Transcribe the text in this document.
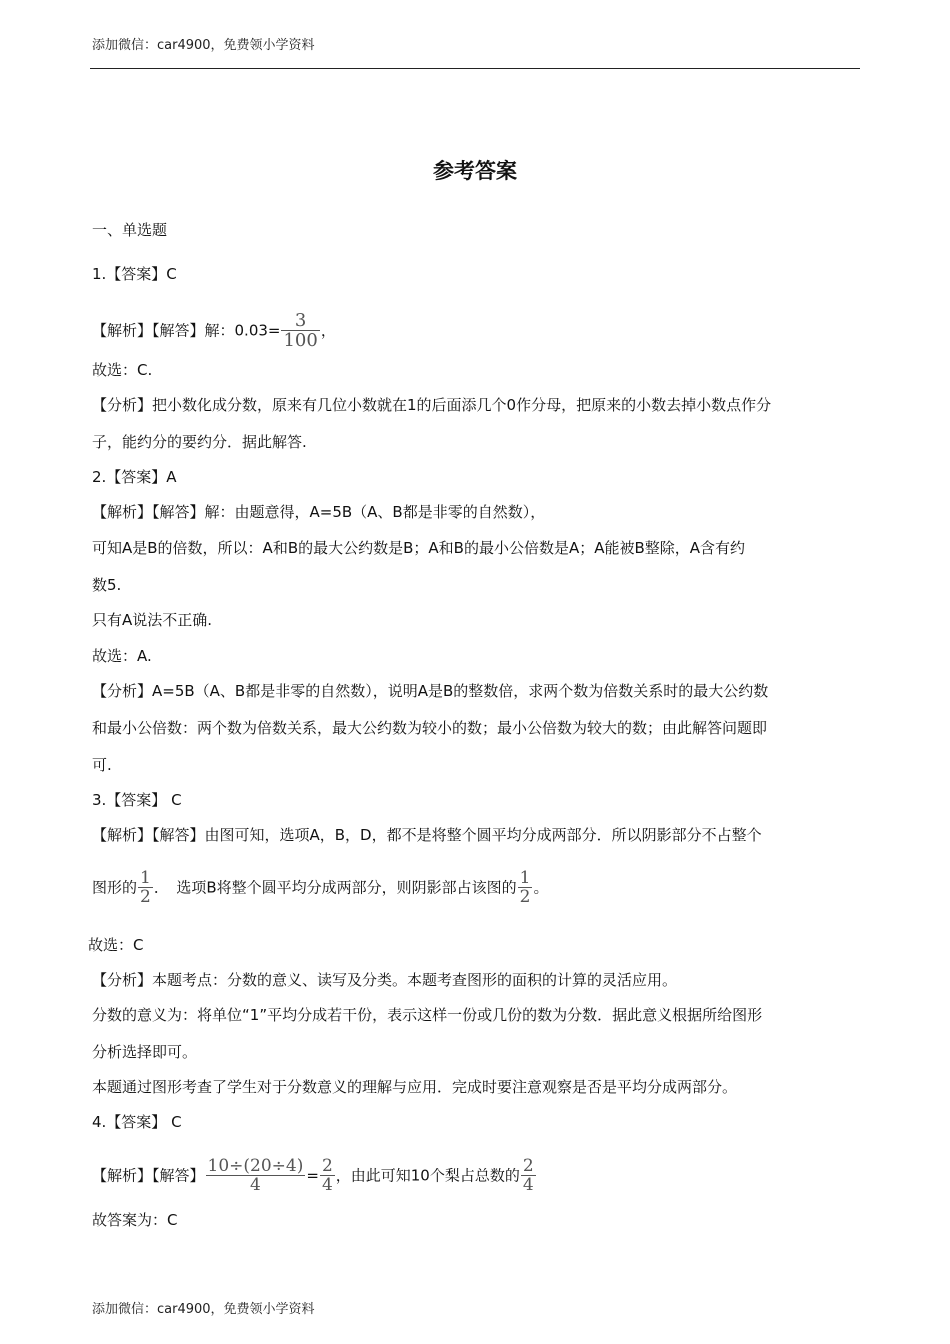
添加微信：car4900，免费领小学资料
参考答案
一、单选题
1.【答案】C
【解析】【解答】解：$0.03= \frac{3}{100}$ ，
故选：C.
【分析】把小数化成分数，原来有几位小数就在1的后面添几个0作分母，把原来的小数去掉小数点作分
子，能约分的要约分．据此解答.
2.【答案】A
【解析】【解答】解：由题意得，A=5B（A、B都是非零的自然数），
可知A是B的倍数，所以：A和B的最大公约数是B；A和B的最小公倍数是A；A能被B整除，A含有约
数5.
只有A说法不正确.
故选：A.
【分析】A=5B（A、B都是非零的自然数），说明A是B的整数倍，求两个数为倍数关系时的最大公约数
和最小公倍数：两个数为倍数关系，最大公约数为较小的数；最小公倍数为较大的数；由此解答问题即
可.
3.【答案】 C
【解析】【解答】由图可知，选项A，B，D，都不是将整个圆平均分成两部分．所以阴影部分不占整个
图形的 $\frac{1}{2}$ ．　选项B将整个圆平均分成两部分，则阴影部占该图的 $\frac{1}{2}$ 。
故选：C
【分析】本题考点：分数的意义、读写及分类。本题考查图形的面积的计算的灵活应用。
分数的意义为：将单位“1”平均分成若干份，表示这样一份或几份的数为分数．据此意义根据所给图形
分析选择即可。
本题通过图形考查了学生对于分数意义的理解与应用．完成时要注意观察是否是平均分成两部分。
4.【答案】 C
【解析】【解答】 $\frac{10\div(20\div 4)}{4} = \frac{2}{4}$ ，由此可知10个梨占总数的 $\frac{2}{4}$
故答案为：C
添加微信：car4900，免费领小学资料
